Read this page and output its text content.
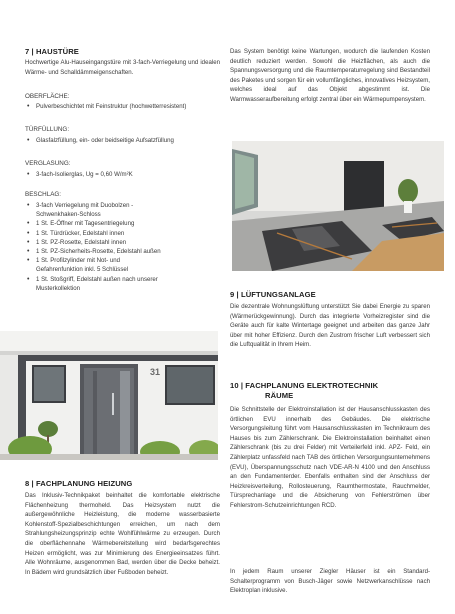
7 | HAUSTÜRE

Hochwertige Alu-Hauseingangstüre mit 3-fach-Verriegelung und idealen Wärme- und Schalldämmeigenschaften.

OBERFLÄCHE:
• Pulverbeschichtet mit Feinstruktur (hochwetterresistent)
TÜRFÜLLUNG:
• Glasfalzfüllung, ein- oder beidseitige Aufsatzfüllung
VERGLASUNG:
• 3-fach-Isolierglas, Ug = 0,60 W/m²K
BESCHLAG:
• 3-fach Verriegelung mit Duobolzen - Schwenkhaken-Schloss
• 1 St. E-Öffner mit Tagesentriegelung
• 1 St. Türdrücker, Edelstahl innen
• 1 St. PZ-Rosette, Edelstahl innen
• 1 St. PZ-Sicherheits-Rosette, Edelstahl außen
• 1 St. Profilzylinder mit Not- und Gefahrenfunktion inkl. 5 Schlüssel
• 1 St. Stoßgriff, Edelstahl außen nach unserer Musterkollektion
31
8 | FACHPLANUNG HEIZUNG

Das Inklusiv-Technikpaket beinhaltet die komfortable elektrische Flächenheizung thermoheld. Das Heizsystem nutzt die außergewöhnliche Heizleistung, die moderne wasserbasierte Kohlenstoff-Spezialbeschichtungen erreichen, um nach dem Strahlungsheizungsprinzip echte Wohlfühlwärme zu erzeugen. Durch die oberflächennahe Wärmebereitstellung wird bedarfsgerechtes Heizen ermöglicht, was zur Minimierung des Energieeinsatzes führt. Alle Wohnräume, ausgenommen Bad, werden über die Decke beheizt. In Bädern wird grundsätzlich über Fußboden beheizt.

Das System benötigt keine Wartungen, wodurch die laufenden Kosten deutlich reduziert werden. Sowohl die Heizflächen, als auch die Spannungsversorgung und die Raumtemperaturregelung sind Bestandteil des Paketes und sorgen für ein vollumfängliches, innovatives Heizsystem, welches ideal auf das Objekt abgestimmt ist. Die Warmwasseraufbereitung erfolgt zentral über ein Wärmepumpensystem.

9 | LÜFTUNGSANLAGE

Die dezentrale Wohnungslüftung unterstützt Sie dabei Energie zu sparen (Wärmerückgewinnung). Durch das integrierte Vorheizregister sind die Geräte auch für kalte Wintertage geeignet und arbeiten das ganze Jahr über mit hoher Effizienz. Durch den Zustrom frischer Luft verbessert sich die Luftqualität in Ihrem Heim.

10 | FACHPLANUNG ELEKTROTECHNIK
RÄUME

Die Schnittstelle der Elektroinstallation ist der Hausanschlusskasten des örtlichen EVU innerhalb des Gebäudes. Die elektrische Versorgungsleitung führt vom Hausanschlusskasten im Technikraum des Hauses bis zum Zählerschrank. Die Elektroinstallation beinhaltet einen Zählerschrank (bis zu drei Felder) mit Verteilerfeld inkl. APZ- Feld, ein Zählerplatz unfassfeld nach TAB des örtlichen Versorgungsunternehmens (EVU), Überspannungsschutz nach VDE-AR-N 4100 und den Anschluss an den Fundamenterder. Ebenfalls enthalten sind der Anschluss der Heizkreisverteilung, Rollosteuerung, Raumthermostate, Rauchmelder, Türsprechanlage und die Absicherung von Fehlerströmen über Fehlerstrom-Schutzeinrichtungen RCD.

In jedem Raum unserer Ziegler Häuser ist ein Standard-Schalterprogramm von Busch-Jäger sowie Netzwerkanschlüsse nach Elektroplan inklusive.
